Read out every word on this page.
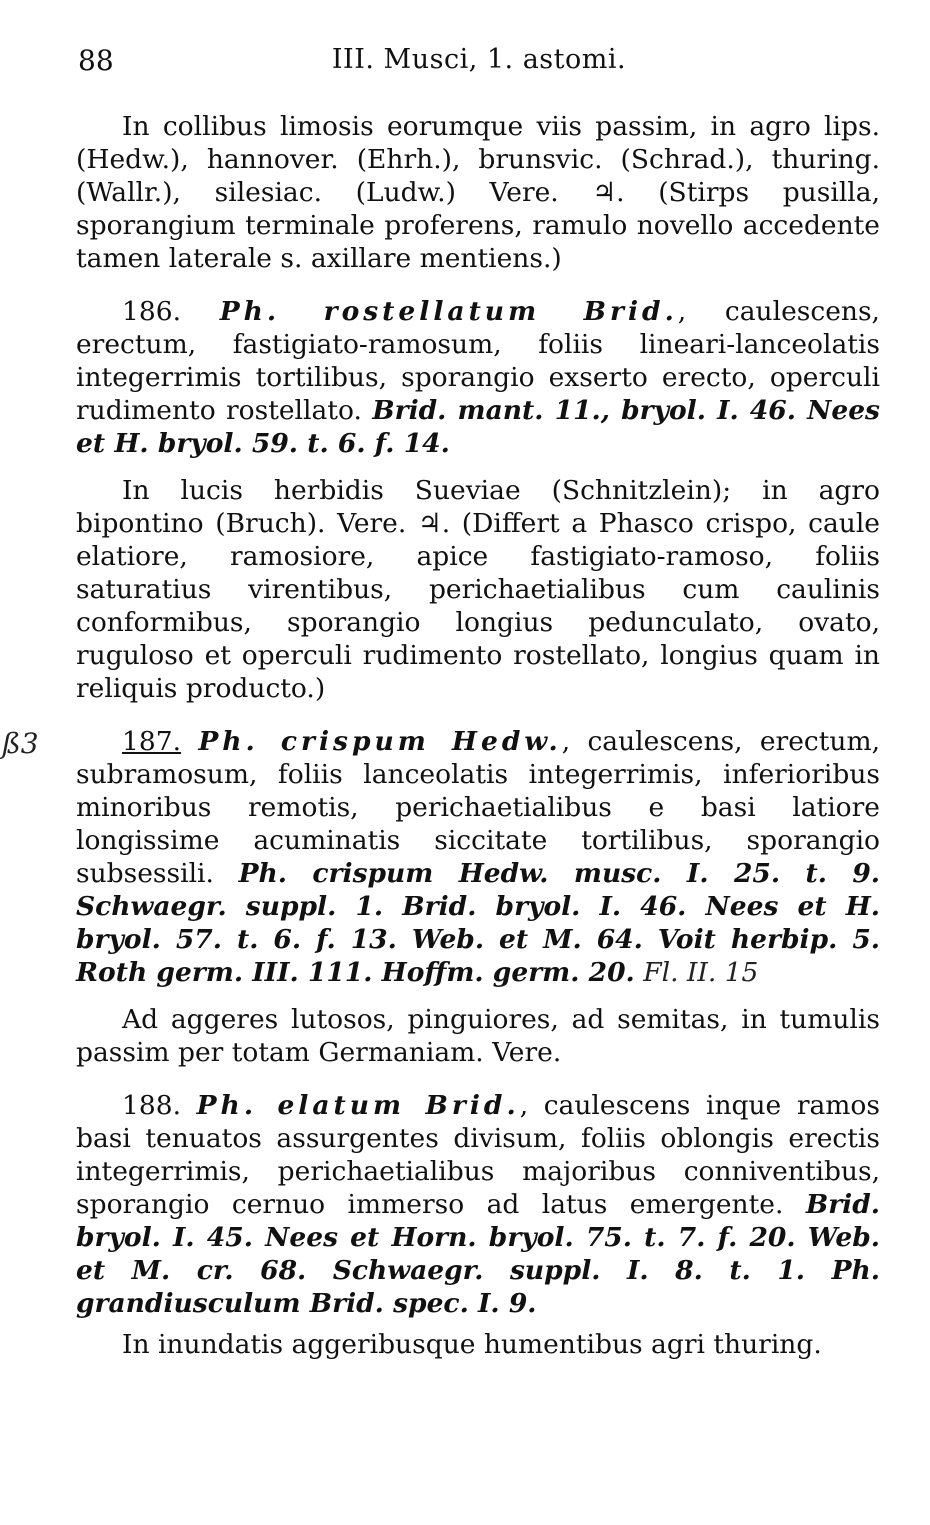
88	III. Musci, 1. astomi.
ß3

In collibus limosis eorumque viis passim, in agro lips. (Hedw.), hannover. (Ehrh.), brunsvic. (Schrad.), thuring. (Wallr.), silesiac. (Ludw.) Vere. ♃. (Stirps pusilla, sporangium terminale proferens, ramulo novello accedente tamen laterale s. axillare mentiens.)

186. Ph. rostellatum Brid., caulescens, erectum, fastigiato-ramosum, foliis lineari-lanceolatis integerrimis tortilibus, sporangio exserto erecto, operculi rudimento rostellato. Brid. mant. 11., bryol. I. 46. Nees et H. bryol. 59. t. 6. f. 14.

In lucis herbidis Sueviae (Schnitzlein); in agro bipontino (Bruch). Vere. ♃. (Differt a Phasco crispo, caule elatiore, ramosiore, apice fastigiato-ramoso, foliis saturatius virentibus, perichaetialibus cum caulinis conformibus, sporangio longius pedunculato, ovato, ruguloso et operculi rudimento rostellato, longius quam in reliquis producto.)

187. Ph. crispum Hedw., caulescens, erectum, subramosum, foliis lanceolatis integerrimis, inferioribus minoribus remotis, perichaetialibus e basi latiore longissime acuminatis siccitate tortilibus, sporangio subsessili. Ph. crispum Hedw. musc. I. 25. t. 9. Schwaegr. suppl. 1. Brid. bryol. I. 46. Nees et H. bryol. 57. t. 6. f. 13. Web. et M. 64. Voit herbip. 5. Roth germ. III. 111. Hoffm. germ. 20. Fl. II. 15

Ad aggeres lutosos, pinguiores, ad semitas, in tumulis passim per totam Germaniam. Vere.

188. Ph. elatum Brid., caulescens inque ramos basi tenuatos assurgentes divisum, foliis oblongis erectis integerrimis, perichaetialibus majoribus conniventibus, sporangio cernuo immerso ad latus emergente. Brid. bryol. I. 45. Nees et Horn. bryol. 75. t. 7. f. 20. Web. et M. cr. 68. Schwaegr. suppl. I. 8. t. 1. Ph. grandiusculum Brid. spec. I. 9.

In inundatis aggeribusque humentibus agri thuring.
